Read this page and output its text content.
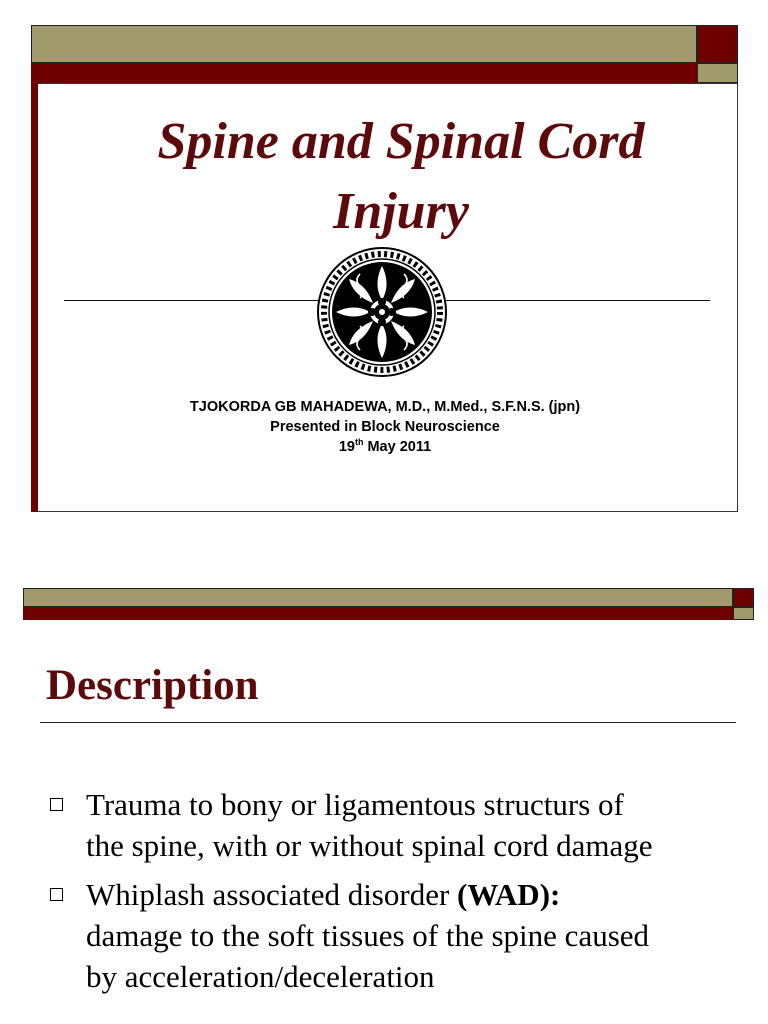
Spine and Spinal Cord
Injury
TJOKORDA GB MAHADEWA, M.D., M.Med., S.F.N.S. (jpn)
Presented in Block Neuroscience
19th May 2011
Description
Trauma to bony or ligamentous structurs of
the spine, with or without spinal cord damage
Whiplash associated disorder (WAD):
damage to the soft tissues of the spine caused
by acceleration/deceleration
